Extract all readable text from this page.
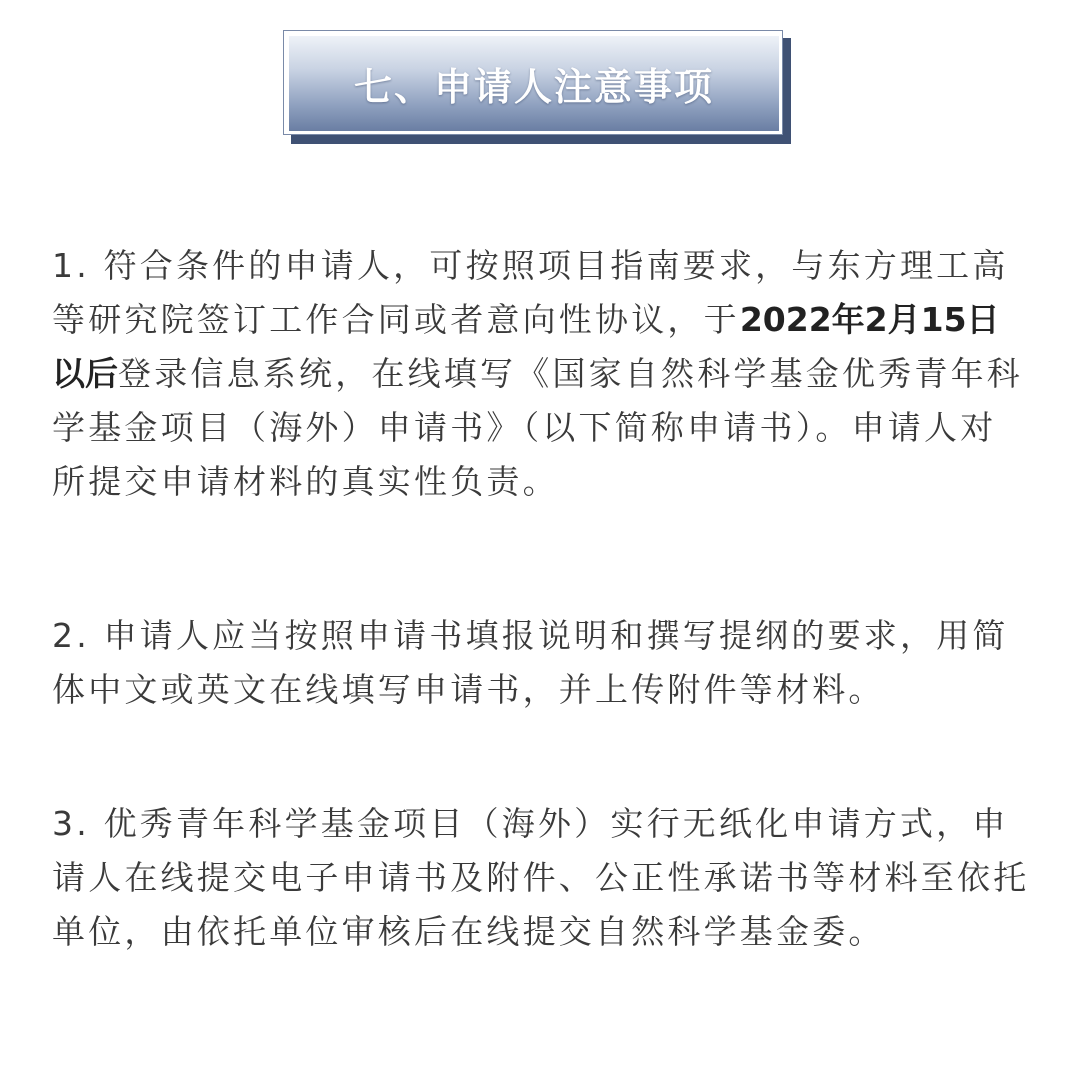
七、申请人注意事项

1. 符合条件的申请人，可按照项目指南要求，与东方理工高等研究院签订工作合同或者意向性协议，于2022年2月15日以后登录信息系统，在线填写《国家自然科学基金优秀青年科学基金项目（海外）申请书》（以下简称申请书）。申请人对所提交申请材料的真实性负责。

2. 申请人应当按照申请书填报说明和撰写提纲的要求，用简体中文或英文在线填写申请书，并上传附件等材料。

3. 优秀青年科学基金项目（海外）实行无纸化申请方式，申请人在线提交电子申请书及附件、公正性承诺书等材料至依托单位，由依托单位审核后在线提交自然科学基金委。
